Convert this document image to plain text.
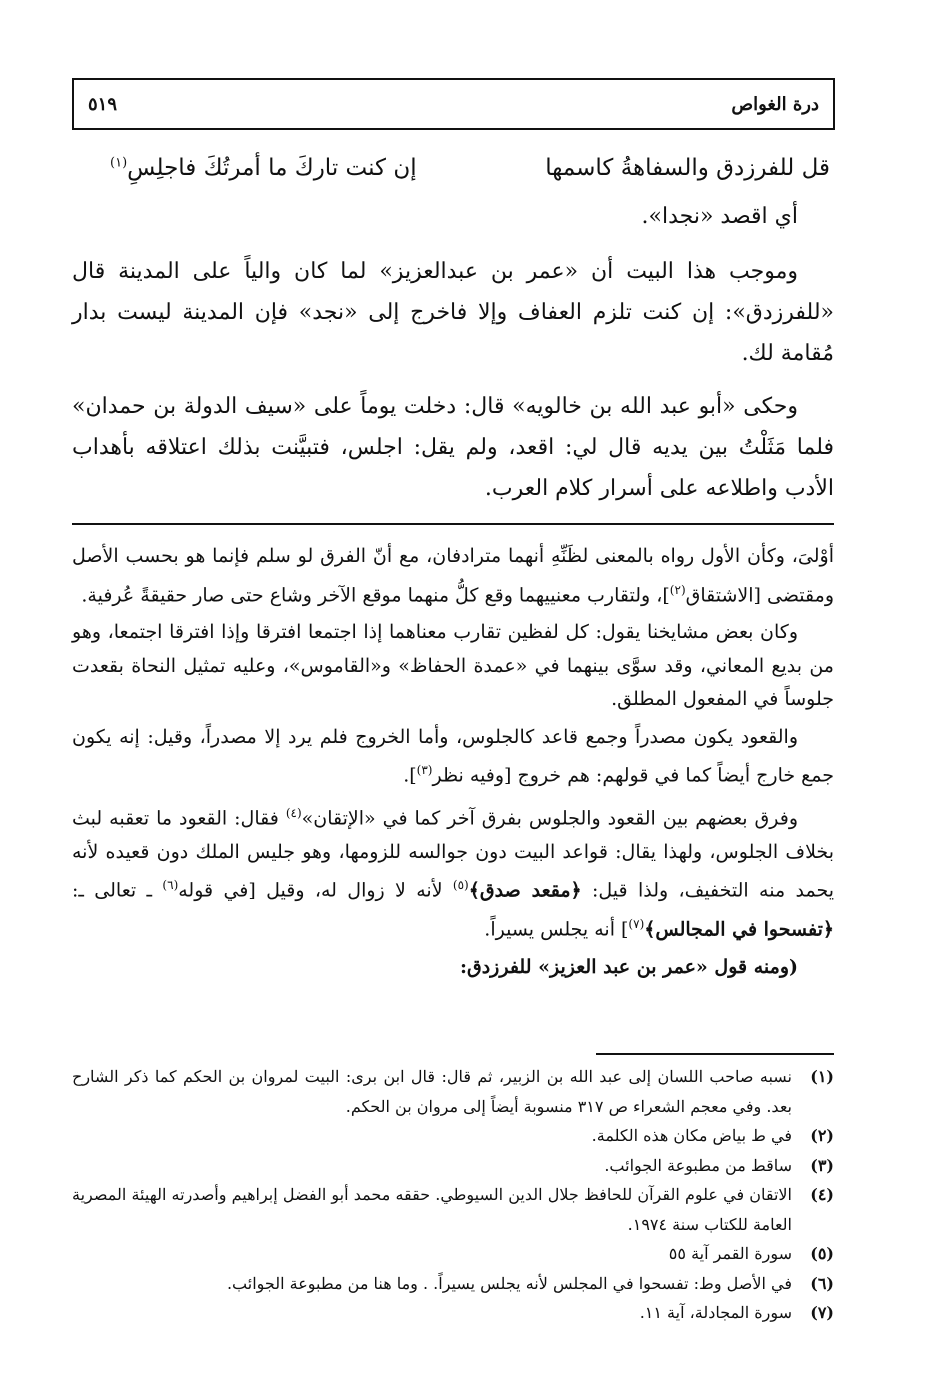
٥١٩	درة الغواص
قل للفرزدق والسفاهةُ كاسمها
إن كنت تاركَ ما أمرتُكَ فاجلِسِ$^{(١)}$

أي اقصد «نجدا».

وموجب هذا البيت أن «عمر بن عبدالعزيز» لما كان والياً على المدينة قال «للفرزدق»: إن كنت تلزم العفاف وإلا فاخرج إلى «نجد» فإن المدينة ليست بدار مُقامة لك.

وحكى «أبو عبد الله بن خالويه» قال: دخلت يوماً على «سيف الدولة بن حمدان» فلما مَثَلْتُ بين يديه قال لي: اقعد، ولم يقل: اجلس، فتبيَّنت بذلك اعتلاقه بأهداب الأدب واطلاعه على أسرار كلام العرب.

أوْلىَ، وكأن الأول رواه بالمعنى لظَنِّهِ أنهما مترادفان، مع أنّ الفرق لو سلم فإنما هو بحسب الأصل ومقتضى [الاشتقاق$^{(٢)}$]، ولتقارب معنييهما وقع كلُّ منهما موقع الآخر وشاع حتى صار حقيقةً عُرفية.

وكان بعض مشايخنا يقول: كل لفظين تقارب معناهما إذا اجتمعا افترقا وإذا افترقا اجتمعا، وهو من بديع المعاني، وقد سوَّى بينهما في «عمدة الحفاظ» و«القاموس»، وعليه تمثيل النحاة بقعدت جلوساً في المفعول المطلق.

والقعود يكون مصدراً وجمع قاعد كالجلوس، وأما الخروج فلم يرد إلا مصدراً، وقيل: إنه يكون جمع خارج أيضاً كما في قولهم: هم خروج [وفيه نظر$^{(٣)}$].

وفرق بعضهم بين القعود والجلوس بفرق آخر كما في «الإتقان»$^{(٤)}$ فقال: القعود ما تعقبه لبث بخلاف الجلوس، ولهذا يقال: قواعد البيت دون جوالسه للزومها، وهو جليس الملك دون قعيده لأنه يحمد منه التخفيف، ولذا قيل: ﴿مقعد صدق﴾$^{(٥)}$ لأنه لا زوال له، وقيل [في قوله$^{(٦)}$ ـ تعالى ـ: ﴿تفسحوا في المجالس﴾$^{(٧)}$] أنه يجلس يسيراً.

(ومنه قول «عمر بن عبد العزيز» للفرزدق:

(١)
نسبه صاحب اللسان إلى عبد الله بن الزبير، ثم قال: قال ابن برى: البيت لمروان بن الحكم كما ذكر الشارح بعد. وفي معجم الشعراء ص ٣١٧ منسوبة أيضاً إلى مروان بن الحكم.
(٢)
في ط بياض مكان هذه الكلمة.
(٣)
ساقط من مطبوعة الجوائب.
(٤)
الاتقان في علوم القرآن للحافظ جلال الدين السيوطي. حققه محمد أبو الفضل إبراهيم وأصدرته الهيئة المصرية العامة للكتاب سنة ١٩٧٤.
(٥)
سورة القمر آية ٥٥
(٦)
في الأصل وط: تفسحوا في المجلس لأنه يجلس يسيراً. . وما هنا من مطبوعة الجوائب.
(٧)
سورة المجادلة، آية ١١.
